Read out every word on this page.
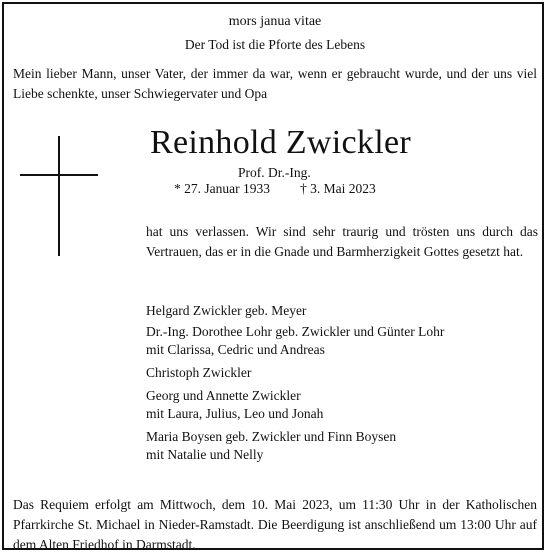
mors janua vitae
Der Tod ist die Pforte des Lebens
Mein lieber Mann, unser Vater, der immer da war, wenn er gebraucht wurde, und der uns viel Liebe schenkte, unser Schwiegervater und Opa
Reinhold Zwickler
Prof. Dr.-Ing.
* 27. Januar 1933 † 3. Mai 2023
hat uns verlassen. Wir sind sehr traurig und trösten uns durch das Vertrauen, das er in die Gnade und Barmherzigkeit Gottes gesetzt hat.
Helgard Zwickler geb. Meyer
Dr.-Ing. Dorothee Lohr geb. Zwickler und Günter Lohr
mit Clarissa, Cedric und Andreas
Christoph Zwickler
Georg und Annette Zwickler
mit Laura, Julius, Leo und Jonah
Maria Boysen geb. Zwickler und Finn Boysen
mit Natalie und Nelly
Das Requiem erfolgt am Mittwoch, dem 10. Mai 2023, um 11:30 Uhr in der Katholischen Pfarrkirche St. Michael in Nieder-Ramstadt. Die Beerdigung ist anschließend um 13:00 Uhr auf dem Alten Friedhof in Darmstadt.
